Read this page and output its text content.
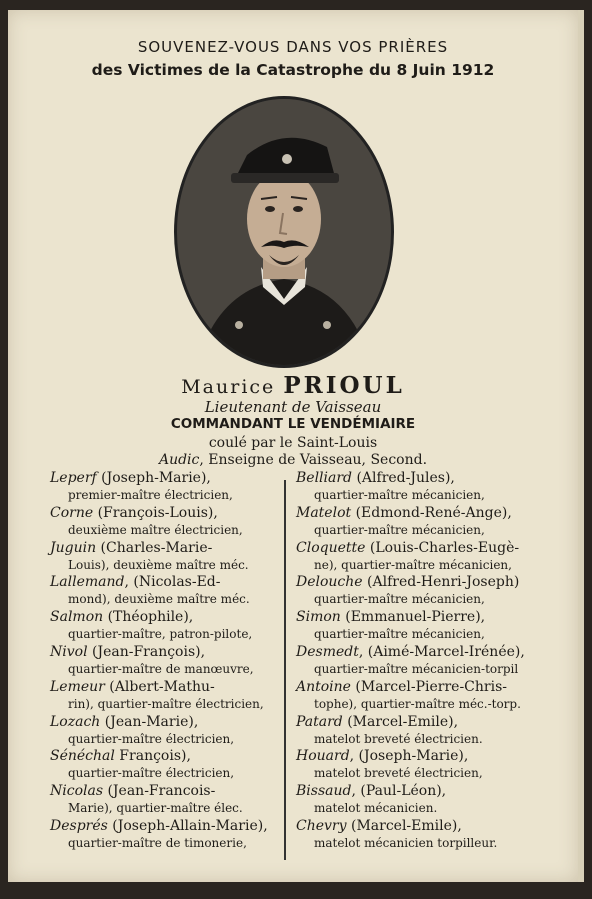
SOUVENEZ-VOUS DANS VOS PRIÈRES
des Victimes de la Catastrophe du 8 Juin 1912
Maurice PRIOUL
Lieutenant de Vaisseau
COMMANDANT LE VENDÉMIAIRE
coulé par le Saint-Louis
Audic, Enseigne de Vaisseau, Second.
Leperf (Joseph-Marie),
premier-maître électricien,
Corne (François-Louis),
deuxième maître électricien,
Juguin (Charles-Marie-
Louis), deuxième maître méc.
Lallemand, (Nicolas-Ed-
mond), deuxième maître méc.
Salmon (Théophile),
quartier-maître, patron-pilote,
Nivol (Jean-François),
quartier-maître de manœuvre,
Lemeur (Albert-Mathu-
rin), quartier-maître électricien,
Lozach (Jean-Marie),
quartier-maître électricien,
Sénéchal François),
quartier-maître électricien,
Nicolas (Jean-Francois-
Marie), quartier-maître élec.
Després (Joseph-Allain-Marie),
quartier-maître de timonerie,
Belliard (Alfred-Jules),
quartier-maître mécanicien,
Matelot (Edmond-René-Ange),
quartier-maître mécanicien,
Cloquette (Louis-Charles-Eugè-
ne), quartier-maître mécanicien,
Delouche (Alfred-Henri-Joseph)
quartier-maître mécanicien,
Simon (Emmanuel-Pierre),
quartier-maître mécanicien,
Desmedt, (Aimé-Marcel-Irénée),
quartier-maître mécanicien-torpil
Antoine (Marcel-Pierre-Chris-
tophe), quartier-maître méc.-torp.
Patard (Marcel-Emile),
matelot breveté électricien.
Houard, (Joseph-Marie),
matelot breveté électricien,
Bissaud, (Paul-Léon),
matelot mécanicien.
Chevry (Marcel-Emile),
matelot mécanicien torpilleur.
